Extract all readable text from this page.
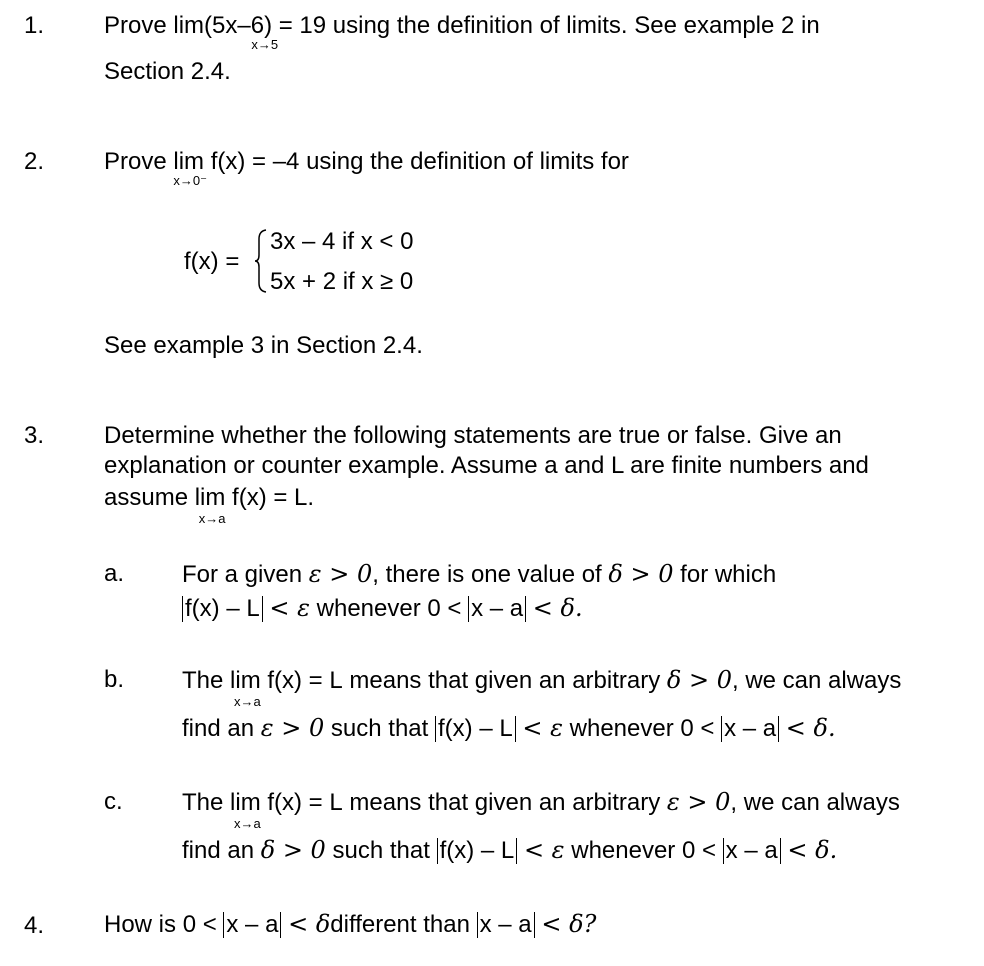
1. Prove lim
x→5
(5x–6) = 19 using the definition of limits. See example 2 in
Section 2.4.
2. Prove lim f(x) = –4
x→0⁻
using the definition of limits for
f(x) =
3x – 4 if x < 0
5x + 2 if x ≥ 0
See example 3 in Section 2.4.
3. Determine whether the following statements are true or false. Give an
explanation or counter example. Assume a and L are finite numbers and
assume lim f(x) = L
x→a
.
a. For a given ε > 0, there is one value of δ > 0 for which
f(x) – L < ε whenever 0 < x – a < δ.
b. The lim f(x) = L
x→a
means that given an arbitrary δ > 0, we can always
find an ε > 0 such that f(x) – L < ε whenever 0 < x – a < δ.
c. The lim f(x) = L
x→a
means that given an arbitrary ε > 0, we can always
find an δ > 0 such that f(x) – L < ε whenever 0 < x – a < δ.
4. How is 0 < x – a < δdifferent than x – a < δ?
